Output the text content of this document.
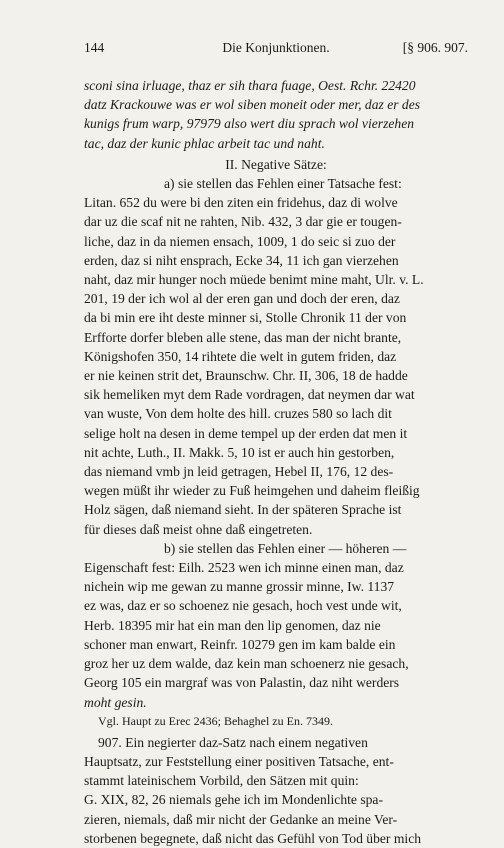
144	Die Konjunktionen.	[§ 906. 907.

sconi sina irluage, thaz er sih thara fuage, Oest. Rchr. 22420

datz Krackouwe was er wol siben moneit oder mer, daz er des

kunigs frum warp, 97979 also wert diu sprach wol vierzehen

tac, daz der kunic phlac arbeit tac und naht.

II. Negative Sätze:

a) sie stellen das Fehlen einer Tatsache fest:

Litan. 652 du were bi den ziten ein fridehus, daz di wolve

dar uz die scaf nit ne rahten, Nib. 432, 3 dar gie er tougen-

liche, daz in da niemen ensach, 1009, 1 do seic si zuo der

erden, daz si niht ensprach, Ecke 34, 11 ich gan vierzehen

naht, daz mir hunger noch müede benimt mine maht, Ulr. v. L.

201, 19 der ich wol al der eren gan und doch der eren, daz

da bi min ere iht deste minner si, Stolle Chronik 11 der von

Erfforte dorfer bleben alle stene, das man der nicht brante,

Königshofen 350, 14 rihtete die welt in gutem friden, daz

er nie keinen strit det, Braunschw. Chr. II, 306, 18 de hadde

sik hemeliken myt dem Rade vordragen, dat neymen dar wat

van wuste, Von dem holte des hill. cruzes 580 so lach dit

selige holt na desen in deme tempel up der erden dat men it

nit achte, Luth., II. Makk. 5, 10 ist er auch hin gestorben,

das niemand vmb jn leid getragen, Hebel II, 176, 12 des-

wegen müßt ihr wieder zu Fuß heimgehen und daheim fleißig

Holz sägen, daß niemand sieht. In der späteren Sprache ist

für dieses daß meist ohne daß eingetreten.

b) sie stellen das Fehlen einer — höheren —

Eigenschaft fest: Eilh. 2523 wen ich minne einen man, daz

nichein wip me gewan zu manne grossir minne, Iw. 1137

ez was, daz er so schoenez nie gesach, hoch vest unde wit,

Herb. 18395 mir hat ein man den lip genomen, daz nie

schoner man enwart, Reinfr. 10279 gen im kam balde ein

groz her uz dem walde, daz kein man schoenerz nie gesach,

Georg 105 ein margraf was von Palastin, daz niht werders

moht gesin.

Vgl. Haupt zu Erec 2436; Behaghel zu En. 7349.

907. Ein negierter daz-Satz nach einem negativen

Hauptsatz, zur Feststellung einer positiven Tatsache, ent-

stammt lateinischem Vorbild, den Sätzen mit quin:

G. XIX, 82, 26 niemals gehe ich im Mondenlichte spa-

zieren, niemals, daß mir nicht der Gedanke an meine Ver-

storbenen begegnete, daß nicht das Gefühl von Tod über mich
